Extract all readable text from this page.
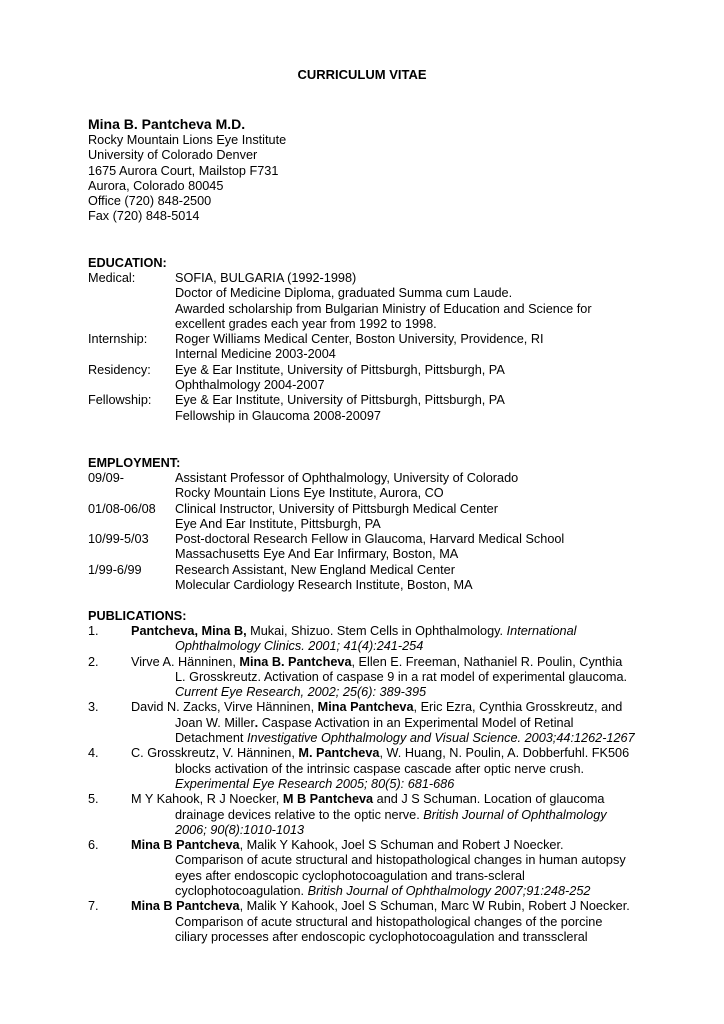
CURRICULUM VITAE
Mina B. Pantcheva M.D.
Rocky Mountain Lions Eye Institute
University of Colorado Denver
1675 Aurora Court, Mailstop F731
Aurora, Colorado 80045
Office (720) 848-2500
Fax (720) 848-5014
EDUCATION:
Medical:	SOFIA, BULGARIA (1992-1998)
Doctor of Medicine Diploma, graduated Summa cum Laude.
Awarded scholarship from Bulgarian Ministry of Education and Science for
excellent grades each year from 1992 to 1998.
Internship: Roger Williams Medical Center, Boston University, Providence, RI
Internal Medicine 2003-2004
Residency: Eye & Ear Institute, University of Pittsburgh, Pittsburgh, PA
Ophthalmology 2004-2007
Fellowship: Eye & Ear Institute, University of Pittsburgh, Pittsburgh, PA
Fellowship in Glaucoma 2008-20097
EMPLOYMENT:
09/09-	Assistant Professor of Ophthalmology, University of Colorado
Rocky Mountain Lions Eye Institute, Aurora, CO
01/08-06/08 Clinical Instructor, University of Pittsburgh Medical Center
Eye And Ear Institute, Pittsburgh, PA
10/99-5/03 Post-doctoral Research Fellow in Glaucoma, Harvard Medical School
Massachusetts Eye And Ear Infirmary, Boston, MA
1/99-6/99	Research Assistant, New England Medical Center
Molecular Cardiology Research Institute, Boston, MA
PUBLICATIONS:
1.	Pantcheva, Mina B, Mukai, Shizuo. Stem Cells in Ophthalmology. International
Ophthalmology Clinics. 2001; 41(4):241-254
2.	Virve A. Hänninen, Mina B. Pantcheva, Ellen E. Freeman, Nathaniel R. Poulin, Cynthia
L. Grosskreutz. Activation of caspase 9 in a rat model of experimental glaucoma.
Current Eye Research, 2002; 25(6): 389-395
3.	David N. Zacks, Virve Hänninen, Mina Pantcheva, Eric Ezra, Cynthia Grosskreutz, and
Joan W. Miller. Caspase Activation in an Experimental Model of Retinal
Detachment Investigative Ophthalmology and Visual Science. 2003;44:1262-1267
4.	C. Grosskreutz, V. Hänninen, M. Pantcheva, W. Huang, N. Poulin, A. Dobberfuhl. FK506
blocks activation of the intrinsic caspase cascade after optic nerve crush.
Experimental Eye Research 2005; 80(5): 681-686
5.	M Y Kahook, R J Noecker, M B Pantcheva and J S Schuman. Location of glaucoma
drainage devices relative to the optic nerve. British Journal of Ophthalmology
2006; 90(8):1010-1013
6.	Mina B Pantcheva, Malik Y Kahook, Joel S Schuman and Robert J Noecker.
Comparison of acute structural and histopathological changes in human autopsy
eyes after endoscopic cyclophotocoagulation and trans-scleral
cyclophotocoagulation. British Journal of Ophthalmology 2007;91:248-252
7.	Mina B Pantcheva, Malik Y Kahook, Joel S Schuman, Marc W Rubin, Robert J Noecker.
Comparison of acute structural and histopathological changes of the porcine
ciliary processes after endoscopic cyclophotocoagulation and transscleral
